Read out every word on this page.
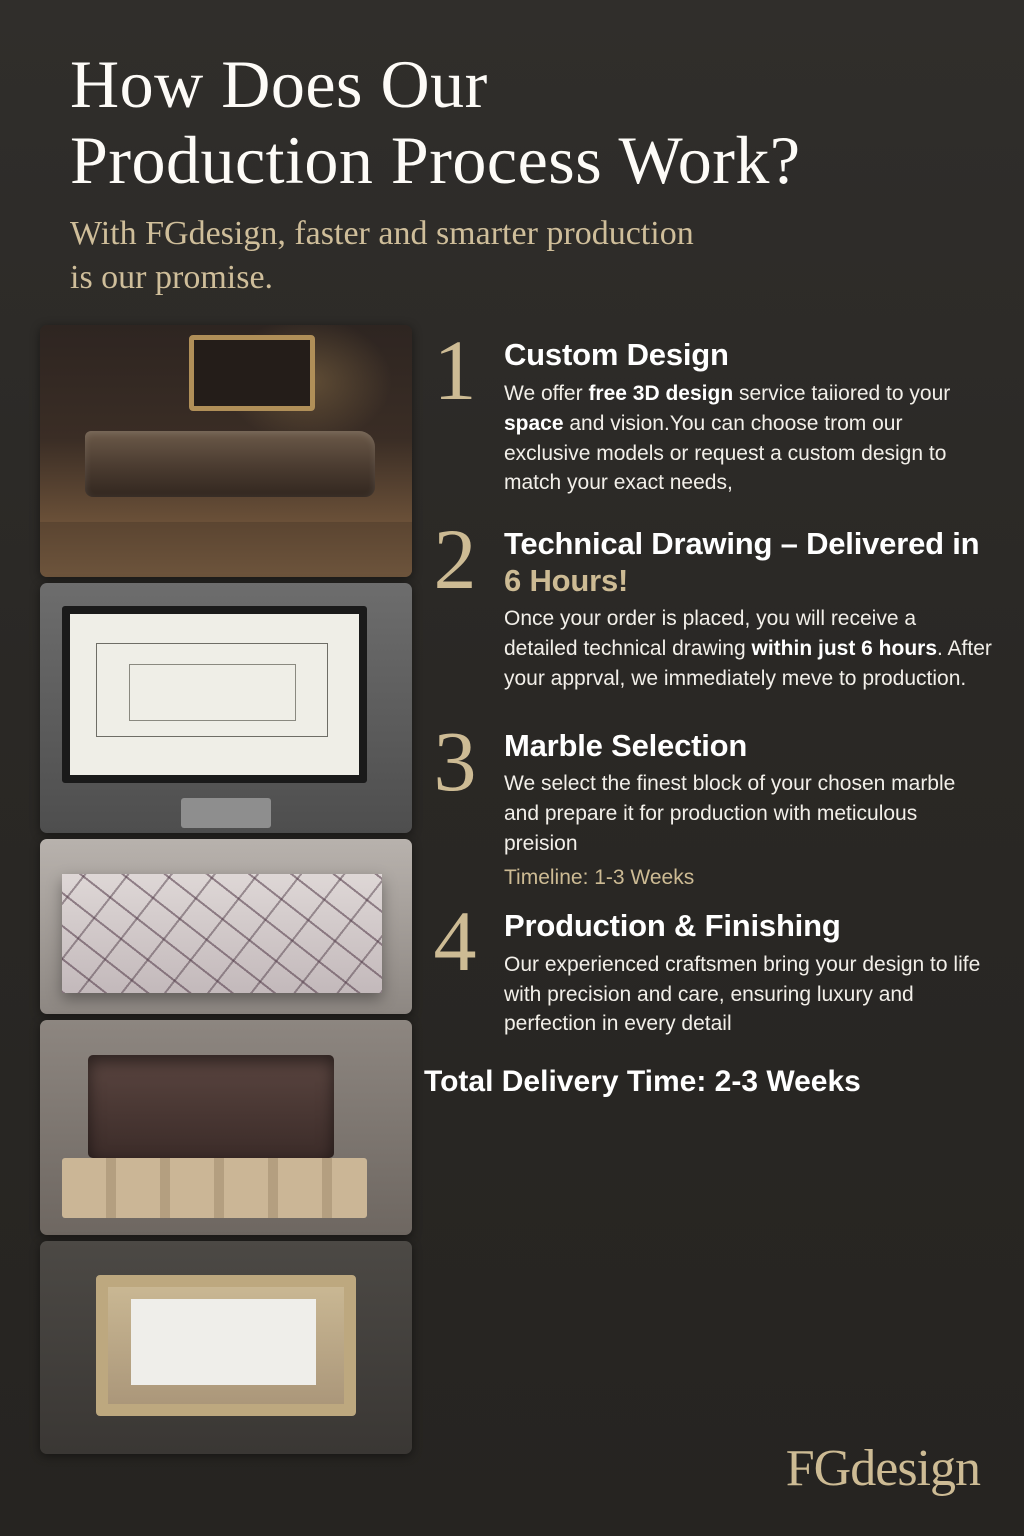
How Does Our
Production Process Work?
With FGdesign, faster and smarter production
is our promise.
1 Custom Design
We offer free 3D design service taiiored to your space and vision.You can choose trom our exclusive models or request a custom design to match your exact needs,
2 Technical Drawing – Delivered in 6 Hours!
Once your order is placed, you will receive a detailed technical drawing within just 6 hours. After your apprval, we immediately meve to production.
3 Marble Selection
We select the finest block of your chosen marble and prepare it for production with meticulous preision
Timeline: 1-3 Weeks
4 Production & Finishing
Our experienced craftsmen bring your design to life with precision and care, ensuring luxury and perfection in every detail
Total Delivery Time: 2-3 Weeks
FGdesign
